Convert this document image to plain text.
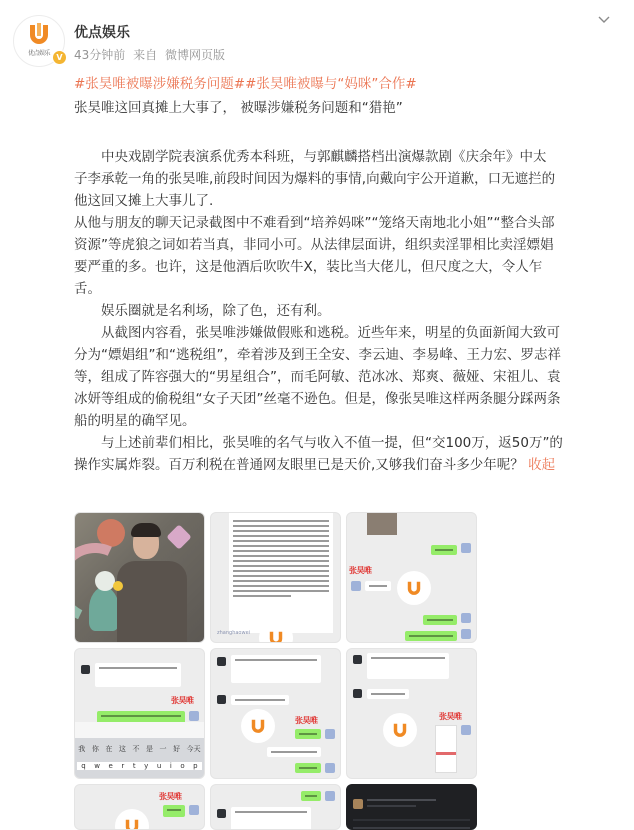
优点娱乐 V
优点娱乐
43分钟前 来自 微博网页版
#张昊唯被曝涉嫌税务问题##张昊唯被曝与“妈咪”合作#
张昊唯这回真摊上大事了， 被曝涉嫌税务问题和“猎艳”
　　中央戏剧学院表演系优秀本科班，与郭麒麟搭档出演爆款剧《庆余年》中太
子李承乾一角的张昊唯,前段时间因为爆料的事情,向戴向宇公开道歉，口无遮拦的
他这回又摊上大事儿了.
从他与朋友的聊天记录截图中不难看到“培养妈咪”“笼络天南地北小姐”“整合头部
资源”等虎狼之词如若当真，非同小可。从法律层面讲，组织卖淫罪相比卖淫嫖娼
要严重的多。也许，这是他酒后吹吹牛X，装比当大佬儿，但尺度之大，令人乍
舌。
　　娱乐圈就是名利场，除了色，还有利。
　　从截图内容看，张昊唯涉嫌做假账和逃税。近些年来，明星的负面新闻大致可
分为“嫖娼组”和“逃税组”，牵着涉及到王全安、李云迪、李易峰、王力宏、罗志祥
等，组成了阵容强大的“男星组合”，而毛阿敏、范冰冰、郑爽、薇娅、宋祖儿、袁
冰妍等组成的偷税组“女子天团”丝毫不逊色。但是，像张昊唯这样两条腿分踩两条
船的明星的确罕见。
　　与上述前辈们相比，张昊唯的名气与收入不值一提，但“交100万，返50万”的
操作实属炸裂。百万利税在普通网友眼里已是天价,又够我们奋斗多少年呢？ 收起
zhanghaowei
张昊唯
张昊唯
我 你 在 这 不 是 一 好 今天
q w e r t y u i o p
张昊唯	张昊唯
张昊唯
